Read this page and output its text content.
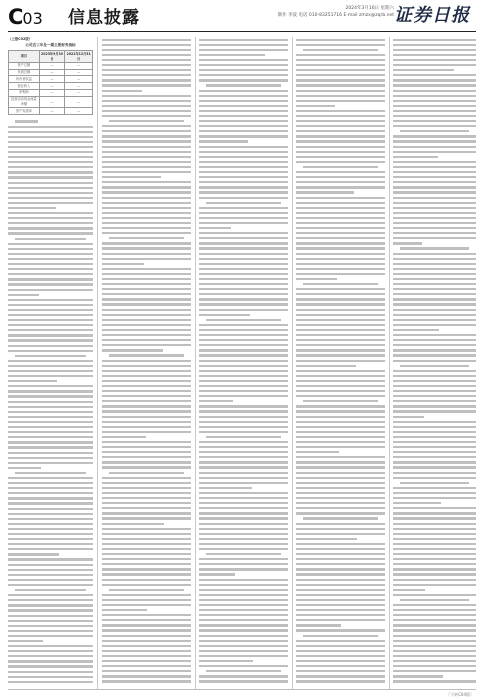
C03 信息披露	2024年3月16日 星期六
制作 李波 电话 010-83251716 E-mail zmzx@zqrb.net 证券日报

（上接C02版）

公司近三年及一期主要财务指标
项目	2023年9月30日	2022年12月31日
资产总额	—	—
负债总额	—	—
所有者权益	—	—
营业收入	—	—
净利润	—	—
经营活动现金流量净额	—	—
资产负债率	—	—
（下转C04版）
